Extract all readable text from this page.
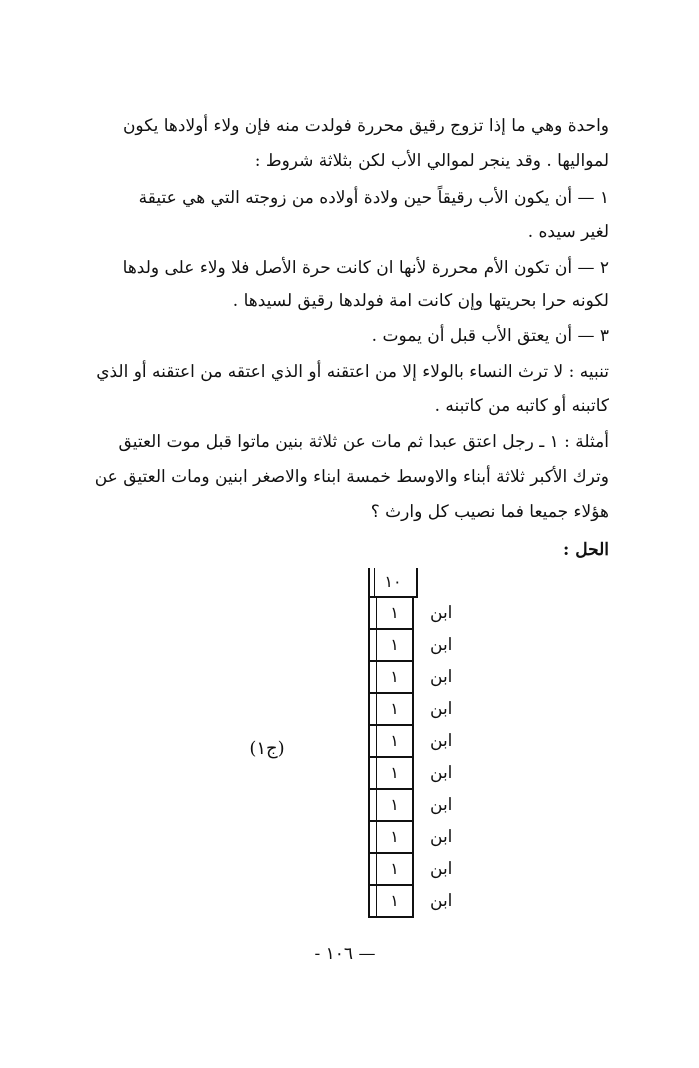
واحدة وهي ما إذا تزوج رقيق محررة فولدت منه فإن ولاء أولادها يكون
لمواليها . وقد ينجر لموالي الأب لكن بثلاثة شروط :
١ — أن يكون الأب رقيقاً حين ولادة أولاده من زوجته التي هي عتيقة
لغير سيده .
٢ — أن تكون الأم محررة لأنها ان كانت حرة الأصل فلا ولاء على ولدها
لكونه حرا بحريتها وإن كانت امة فولدها رقيق لسيدها .
٣ — أن يعتق الأب قبل أن يموت .
تنبيه : لا ترث النساء بالولاء إلا من اعتقنه أو الذي اعتقه من اعتقنه أو الذي
كاتبنه أو كاتبه من كاتبنه .
أمثلة : ١ ـ رجل اعتق عبدا ثم مات عن ثلاثة بنين ماتوا قبل موت العتيق
وترك الأكبر ثلاثة أبناء والاوسط خمسة ابناء والاصغر ابنين ومات العتيق عن
هؤلاء جميعا فما نصيب كل وارث ؟
الحل :
١٠
١	ابن
١	ابن
١	ابن
١	ابن
١	ابن
١	ابن
١	ابن
١	ابن
١	ابن
١	ابن
(ج١)
— ١٠٦ -
